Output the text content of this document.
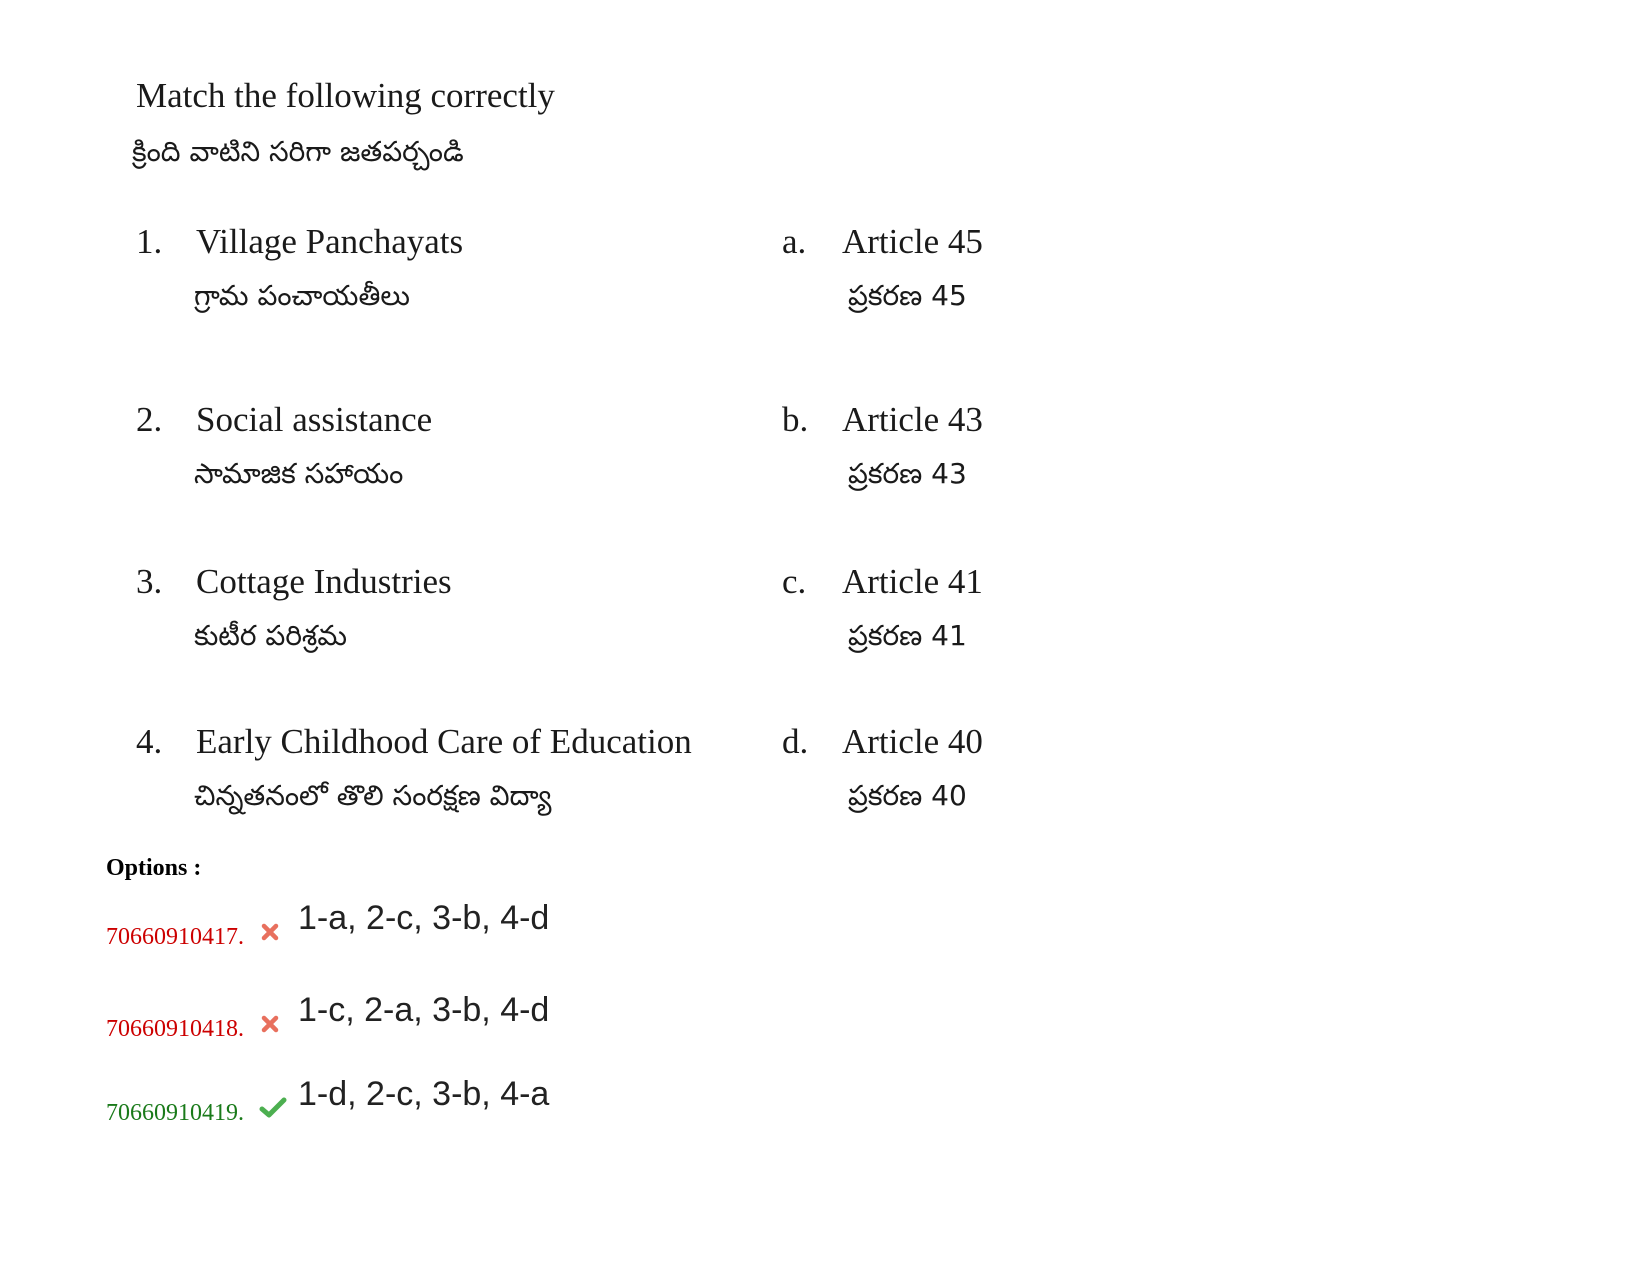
Match the following correctly
క్రింది వాటిని సరిగా జతపర్చండి
1. Village Panchayats
గ్రామ పంచాయతీలు
a. Article 45
ప్రకరణ 45
2. Social assistance
సామాజిక సహాయం
b. Article 43
ప్రకరణ 43
3. Cottage Industries
కుటీర పరిశ్రమ
c. Article 41
ప్రకరణ 41
4. Early Childhood Care of Education
చిన్నతనంలో తొలి సంరక్షణ విద్యా
d. Article 40
ప్రకరణ 40
Options :
70660910417. 1-a, 2-c, 3-b, 4-d
70660910418. 1-c, 2-a, 3-b, 4-d
70660910419. 1-d, 2-c, 3-b, 4-a
